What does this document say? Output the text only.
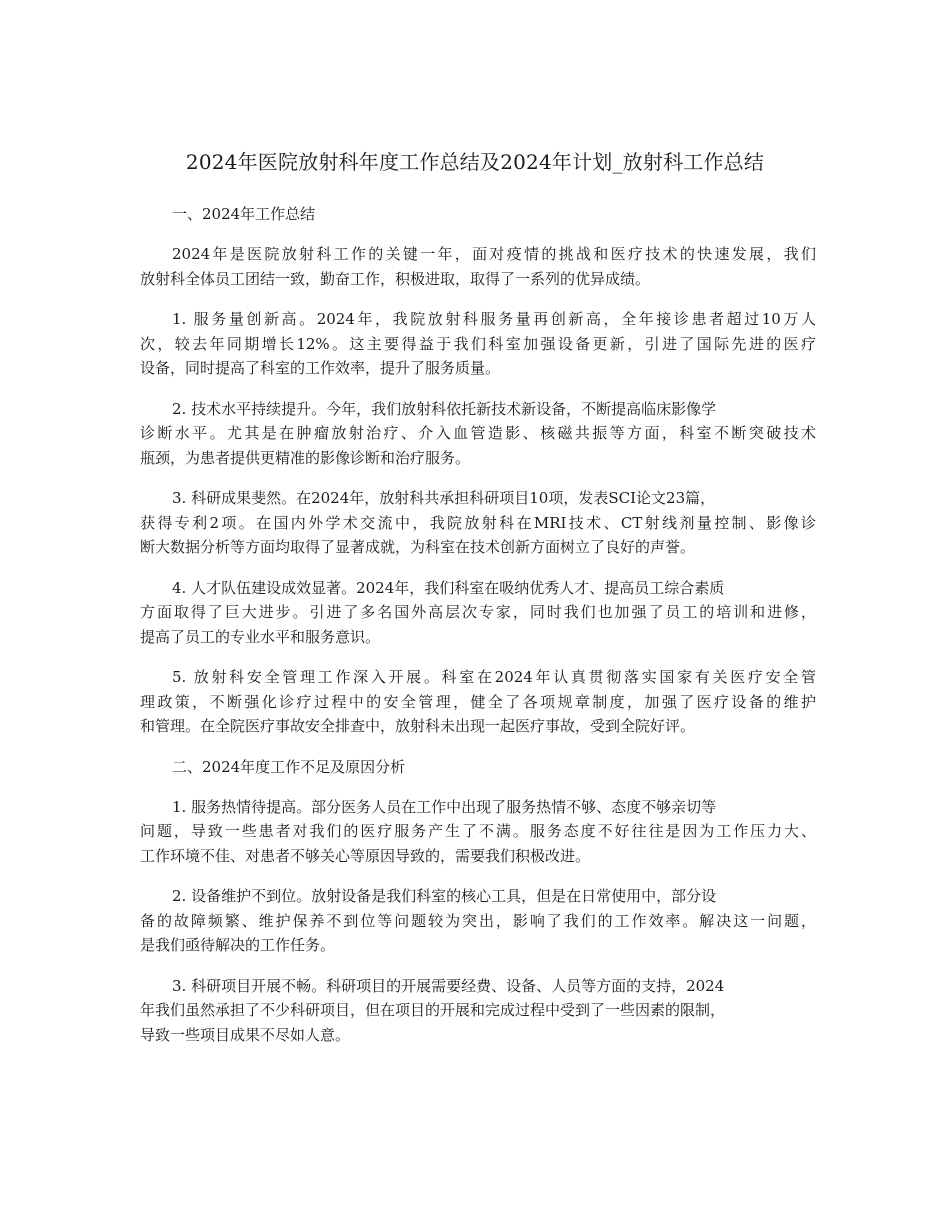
2024年医院放射科年度工作总结及2024年计划_放射科工作总结

一、2024年工作总结

2024年是医院放射科工作的关键一年，面对疫情的挑战和医疗技术的快速发展，我们
放射科全体员工团结一致，勤奋工作，积极进取，取得了一系列的优异成绩。

1. 服务量创新高。2024年，我院放射科服务量再创新高，全年接诊患者超过10万人
次，较去年同期增长12%。这主要得益于我们科室加强设备更新，引进了国际先进的医疗
设备，同时提高了科室的工作效率，提升了服务质量。

2. 技术水平持续提升。今年，我们放射科依托新技术新设备，不断提高临床影像学
诊断水平。尤其是在肿瘤放射治疗、介入血管造影、核磁共振等方面，科室不断突破技术
瓶颈，为患者提供更精准的影像诊断和治疗服务。

3. 科研成果斐然。在2024年，放射科共承担科研项目10项，发表SCI论文23篇，
获得专利2项。在国内外学术交流中，我院放射科在MRI技术、CT射线剂量控制、影像诊
断大数据分析等方面均取得了显著成就，为科室在技术创新方面树立了良好的声誉。

4. 人才队伍建设成效显著。2024年，我们科室在吸纳优秀人才、提高员工综合素质
方面取得了巨大进步。引进了多名国外高层次专家，同时我们也加强了员工的培训和进修，
提高了员工的专业水平和服务意识。

5. 放射科安全管理工作深入开展。科室在2024年认真贯彻落实国家有关医疗安全管
理政策，不断强化诊疗过程中的安全管理，健全了各项规章制度，加强了医疗设备的维护
和管理。在全院医疗事故安全排查中，放射科未出现一起医疗事故，受到全院好评。

二、2024年度工作不足及原因分析

1. 服务热情待提高。部分医务人员在工作中出现了服务热情不够、态度不够亲切等
问题，导致一些患者对我们的医疗服务产生了不满。服务态度不好往往是因为工作压力大、
工作环境不佳、对患者不够关心等原因导致的，需要我们积极改进。

2. 设备维护不到位。放射设备是我们科室的核心工具，但是在日常使用中，部分设
备的故障频繁、维护保养不到位等问题较为突出，影响了我们的工作效率。解决这一问题，
是我们亟待解决的工作任务。

3. 科研项目开展不畅。科研项目的开展需要经费、设备、人员等方面的支持，2024
年我们虽然承担了不少科研项目，但在项目的开展和完成过程中受到了一些因素的限制，
导致一些项目成果不尽如人意。
